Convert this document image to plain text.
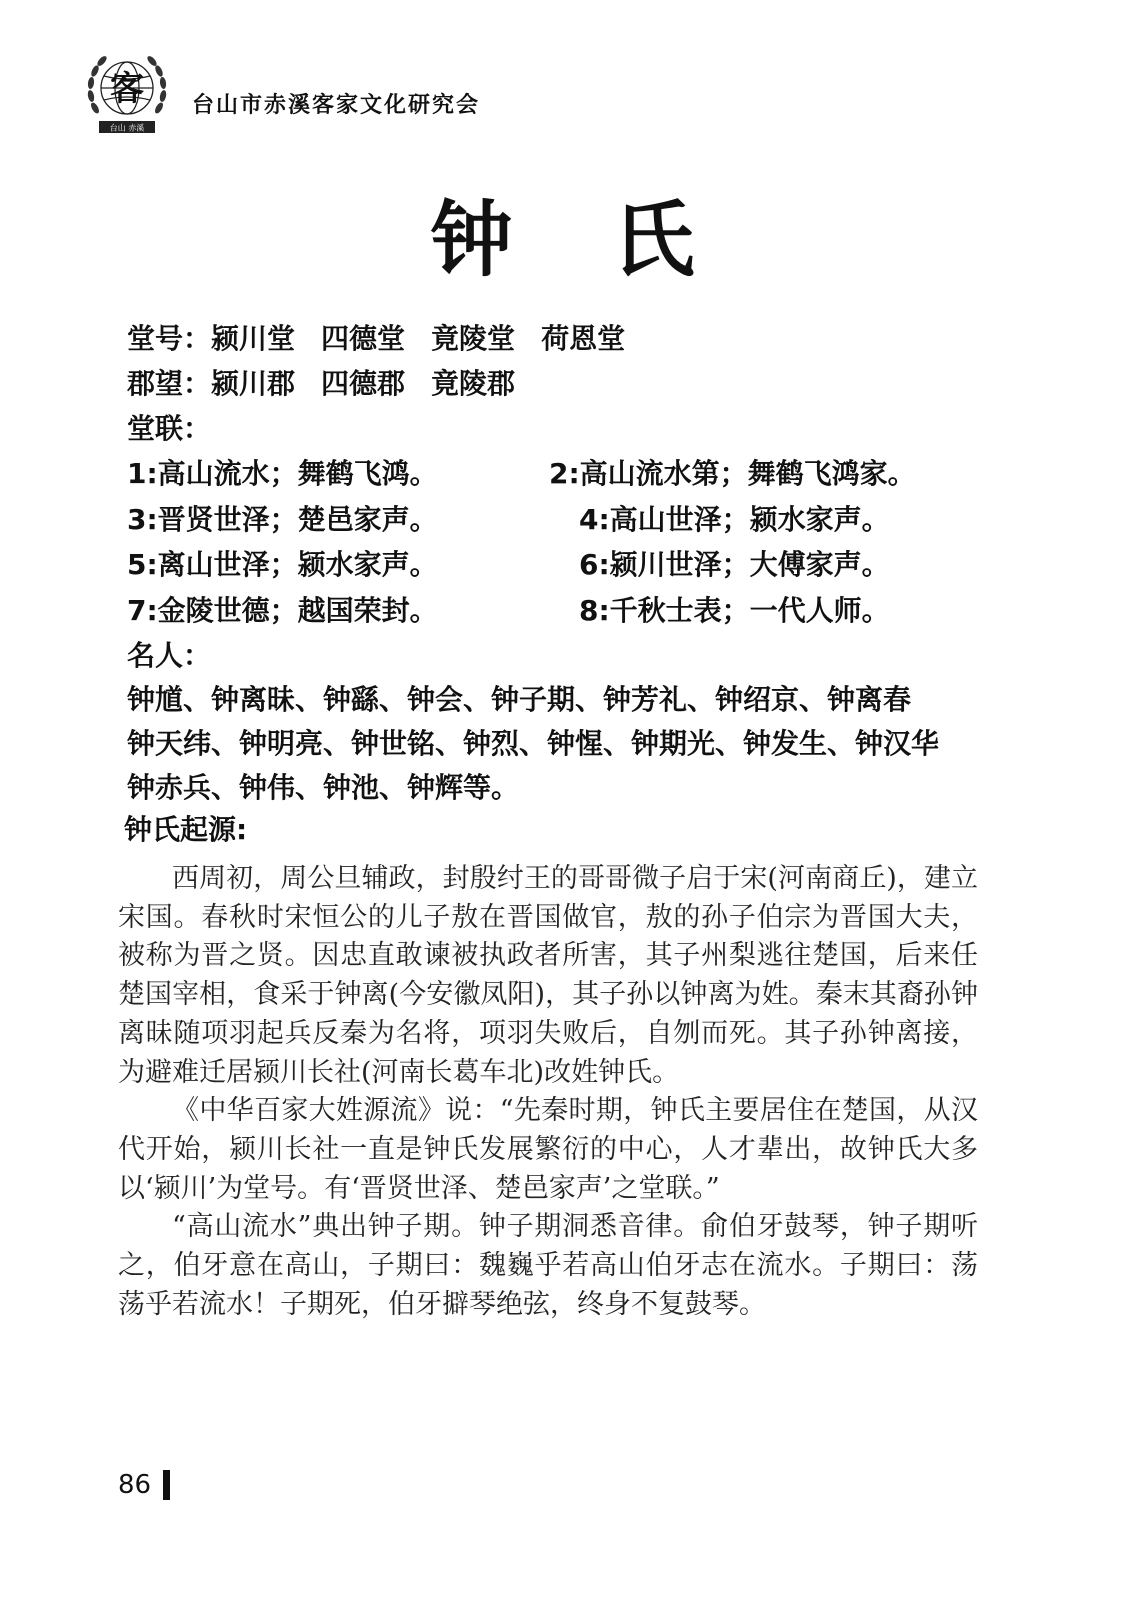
客
台山 赤溪
台山市赤溪客家文化研究会
钟 氏
堂号：颍川堂 四德堂 竟陵堂 荷恩堂
郡望：颍川郡 四德郡 竟陵郡
堂联：
1:高山流水；舞鹤飞鸿。	2:高山流水第；舞鹤飞鸿家。
3:晋贤世泽；楚邑家声。	4:高山世泽；颍水家声。
5:离山世泽；颍水家声。	6:颍川世泽；大傅家声。
7:金陵世德；越国荣封。	8:千秋士表；一代人师。
名人：
钟馗、钟离昧、钟繇、钟会、钟子期、钟芳礼、钟绍京、钟离春
钟天纬、钟明亮、钟世铭、钟烈、钟惺、钟期光、钟发生、钟汉华
钟赤兵、钟伟、钟池、钟辉等。
钟氏起源:

西周初，周公旦辅政，封殷纣王的哥哥微子启于宋(河南商丘)，建立宋国。春秋时宋恒公的儿子敖在晋国做官，敖的孙子伯宗为晋国大夫，被称为晋之贤。因忠直敢谏被执政者所害，其子州梨逃往楚国，后来任楚国宰相，食采于钟离(今安徽凤阳)，其子孙以钟离为姓。秦末其裔孙钟离昧随项羽起兵反秦为名将，项羽失败后，自刎而死。其子孙钟离接，为避难迁居颍川长社(河南长葛车北)改姓钟氏。

《中华百家大姓源流》说：“先秦时期，钟氏主要居住在楚国，从汉代开始，颍川长社一直是钟氏发展繁衍的中心，人才辈出，故钟氏大多以‘颍川’为堂号。有‘晋贤世泽、楚邑家声’之堂联。”

“高山流水”典出钟子期。钟子期洞悉音律。俞伯牙鼓琴，钟子期听之，伯牙意在高山，子期曰：魏巍乎若高山伯牙志在流水。子期曰：荡荡乎若流水！子期死，伯牙擗琴绝弦，终身不复鼓琴。

86
